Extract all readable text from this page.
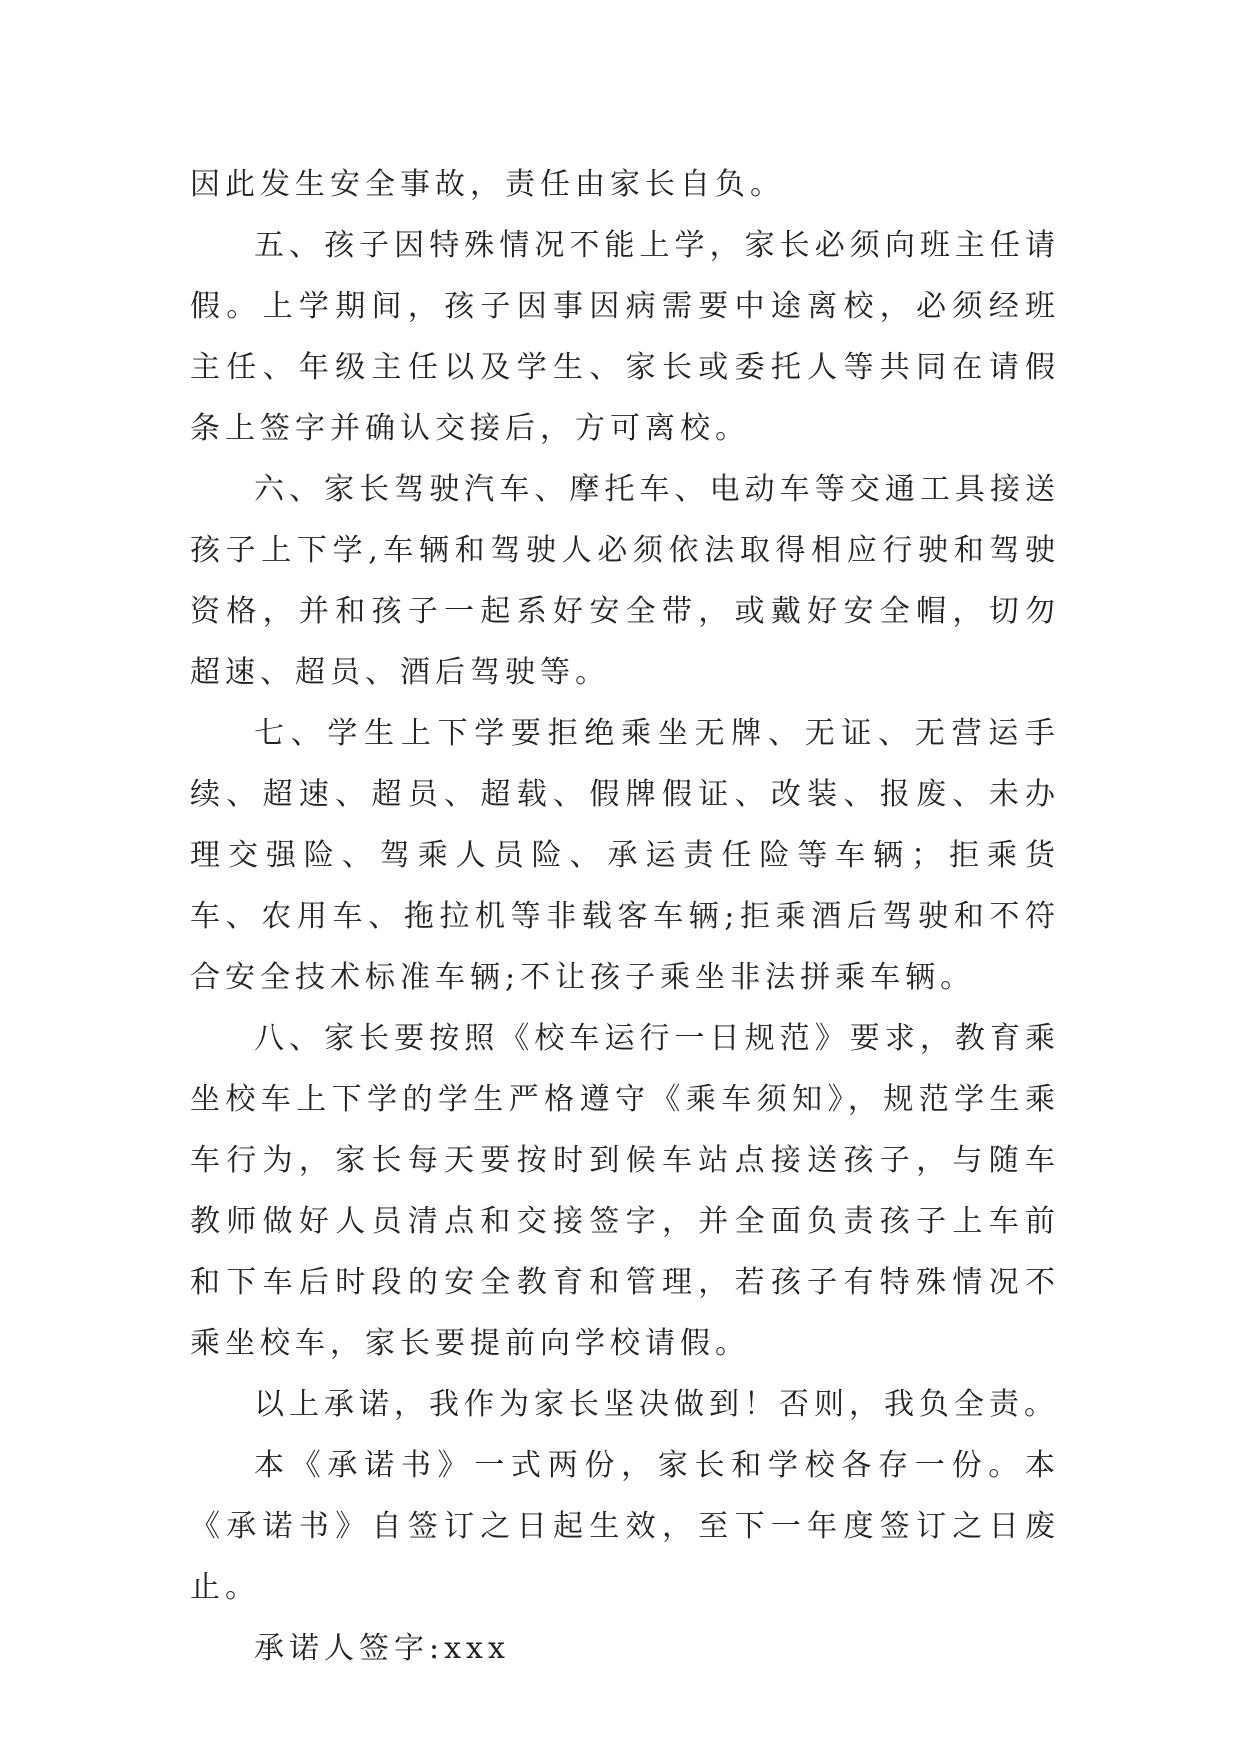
因此发生安全事故，责任由家长自负。

五、孩子因特殊情况不能上学，家长必须向班主任请假。上学期间，孩子因事因病需要中途离校，必须经班主任、年级主任以及学生、家长或委托人等共同在请假条上签字并确认交接后，方可离校。

六、家长驾驶汽车、摩托车、电动车等交通工具接送孩子上下学,车辆和驾驶人必须依法取得相应行驶和驾驶资格，并和孩子一起系好安全带，或戴好安全帽，切勿超速、超员、酒后驾驶等。

七、学生上下学要拒绝乘坐无牌、无证、无营运手续、超速、超员、超载、假牌假证、改装、报废、未办理交强险、驾乘人员险、承运责任险等车辆；拒乘货车、农用车、拖拉机等非载客车辆;拒乘酒后驾驶和不符合安全技术标准车辆;不让孩子乘坐非法拼乘车辆。

八、家长要按照《校车运行一日规范》要求，教育乘坐校车上下学的学生严格遵守《乘车须知》，规范学生乘车行为，家长每天要按时到候车站点接送孩子，与随车教师做好人员清点和交接签字，并全面负责孩子上车前和下车后时段的安全教育和管理，若孩子有特殊情况不乘坐校车，家长要提前向学校请假。

以上承诺，我作为家长坚决做到！否则，我负全责。

本《承诺书》一式两份，家长和学校各存一份。本《承诺书》自签订之日起生效，至下一年度签订之日废止。

承诺人签字:xxx
